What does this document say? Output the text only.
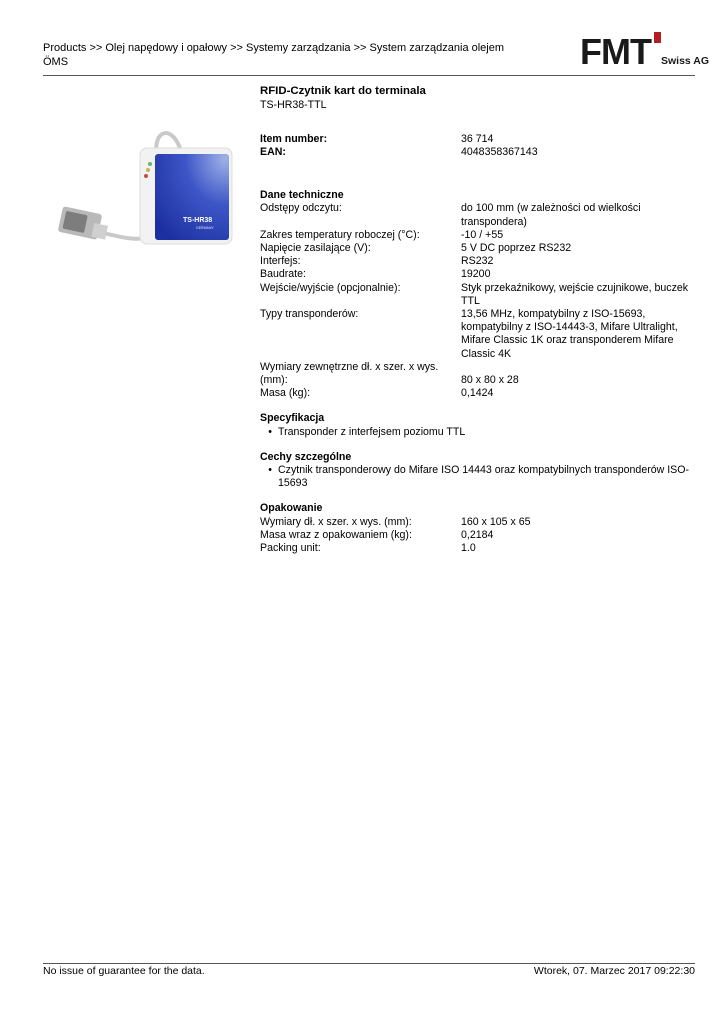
Products >> Olej napędowy i opałowy >> Systemy zarządzania >> System zarządzania olejem ÖMS	FMT Swiss AG
TS-HR38
GERMANY

RFID-Czytnik kart do terminala

TS-HR38-TTL
Item number:	36 714
EAN:	4048358367143

Dane techniczne

Odstępy odczytu:	do 100 mm (w zależności od wielkości transpondera)
Zakres temperatury roboczej (°C):	-10 / +55
Napięcie zasilające (V):	5 V DC poprzez RS232
Interfejs:	RS232
Baudrate:	19200
Wejście/wyjście (opcjonalnie):	Styk przekaźnikowy, wejście czujnikowe, buczek TTL
Typy transponderów:	13,56 MHz, kompatybilny z ISO-15693, kompatybilny z ISO-14443-3, Mifare Ultralight, Mifare Classic 1K oraz transponderem Mifare Classic 4K
Wymiary zewnętrzne dł. x szer. x wys. (mm):	80 x 80 x 28
Masa (kg):	0,1424

Specyfikacja

• Transponder z interfejsem poziomu TTL

Cechy szczególne

• Czytnik transponderowy do Mifare ISO 14443 oraz kompatybilnych transponderów ISO-15693

Opakowanie

Wymiary dł. x szer. x wys. (mm):	160 x 105 x 65
Masa wraz z opakowaniem (kg):	0,2184
Packing unit:	1.0
No issue of guarantee for the data.	Wtorek, 07. Marzec 2017 09:22:30
